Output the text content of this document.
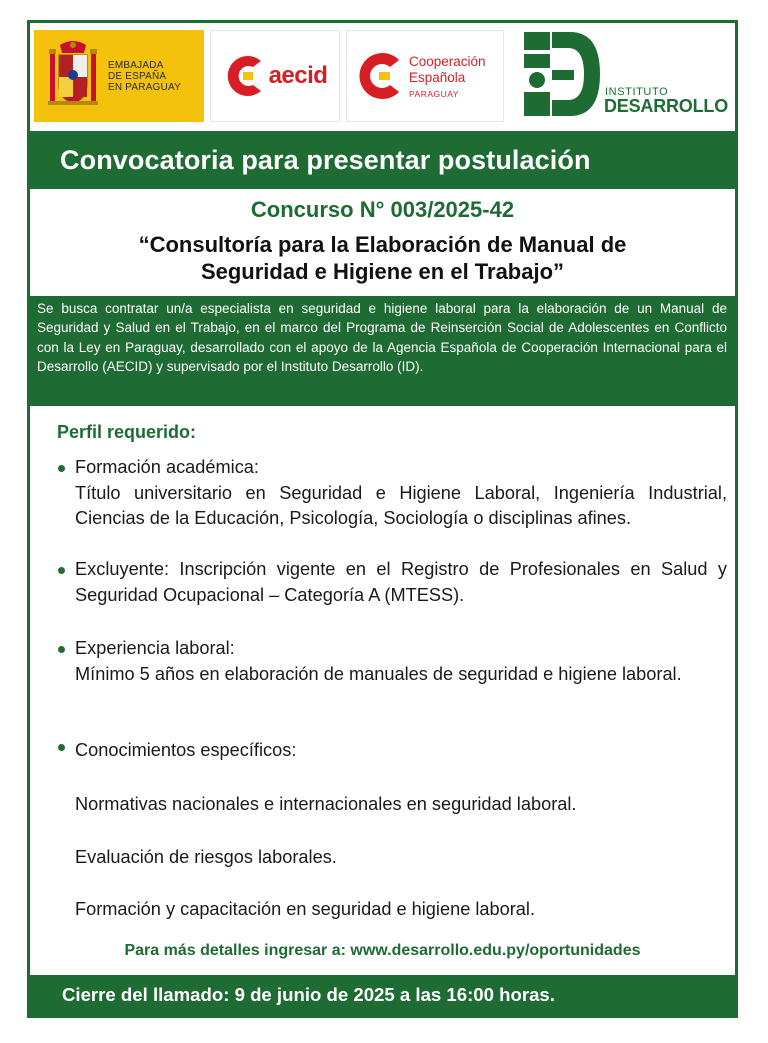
EMBAJADA
DE ESPAÑA
EN PARAGUAY	aecid
Cooperación
Española
PARAGUAY	INSTITUTO
DESARROLLO
Convocatoria para presentar postulación
Concurso N° 003/2025-42
“Consultoría para la Elaboración de Manual de
Seguridad e Higiene en el Trabajo”
Se busca contratar un/a especialista en seguridad e higiene laboral para la elaboración de un Manual de Seguridad y Salud en el Trabajo, en el marco del Programa de Reinserción Social de Adolescentes en Conflicto con la Ley en Paraguay, desarrollado con el apoyo de la Agencia Española de Cooperación Internacional para el Desarrollo (AECID) y supervisado por el Instituto Desarrollo (ID).
Perfil requerido:
Formación académica:
Título universitario en Seguridad e Higiene Laboral, Ingeniería Industrial, Ciencias de la Educación, Psicología, Sociología o disciplinas afines.
Excluyente: Inscripción vigente en el Registro de Profesionales en Salud y Seguridad Ocupacional – Categoría A (MTESS).
Experiencia laboral:
Mínimo 5 años en elaboración de manuales de seguridad e higiene laboral.
Conocimientos específicos:
Normativas nacionales e internacionales en seguridad laboral.
Evaluación de riesgos laborales.
Formación y capacitación en seguridad e higiene laboral.
Para más detalles ingresar a: www.desarrollo.edu.py/oportunidades
Cierre del llamado: 9 de junio de 2025 a las 16:00 horas.
